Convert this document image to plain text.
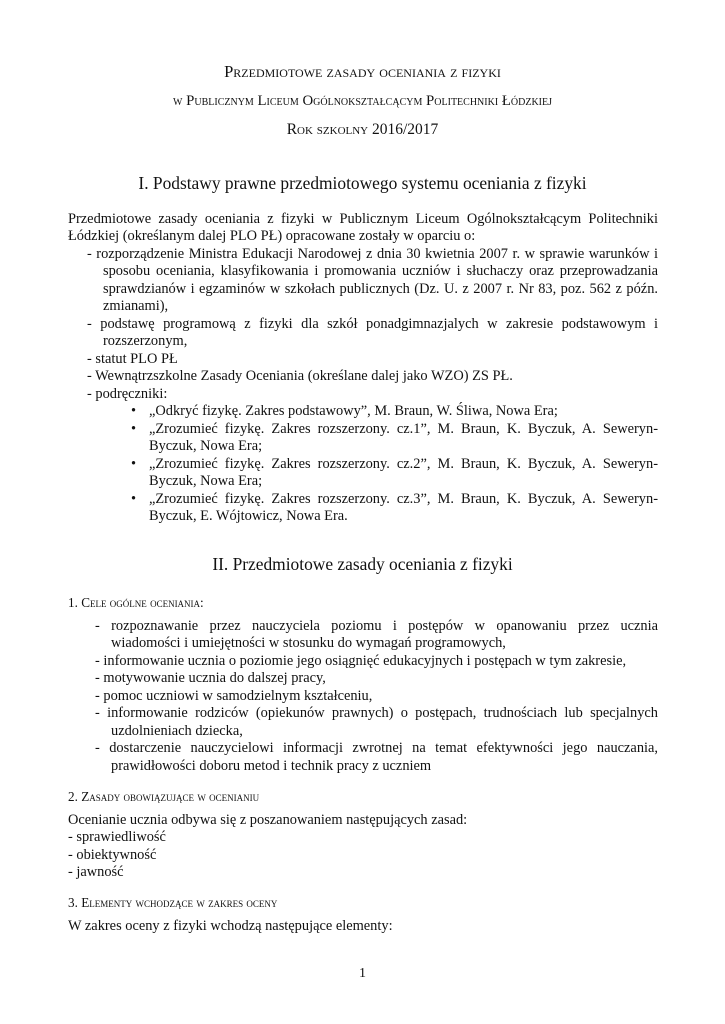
Przedmiotowe zasady oceniania z fizyki
w Publicznym Liceum Ogólnokształcącym Politechniki Łódzkiej
Rok szkolny 2016/2017
I. Podstawy prawne przedmiotowego systemu oceniania z fizyki
Przedmiotowe zasady oceniania z fizyki w Publicznym Liceum Ogólnokształcącym Politechniki
Łódzkiej (określanym dalej PLO PŁ) opracowane zostały w oparciu o:
- rozporządzenie Ministra Edukacji Narodowej z dnia 30 kwietnia 2007 r. w sprawie warunków i
sposobu oceniania, klasyfikowania i promowania uczniów i słuchaczy oraz przeprowadzania
sprawdzianów i egzaminów w szkołach publicznych (Dz. U. z 2007 r. Nr 83, poz. 562 z późn.
zmianami),
- podstawę programową z fizyki dla szkół ponadgimnazjalych w zakresie podstawowym i
rozszerzonym,
- statut PLO PŁ
- Wewnątrzszkolne Zasady Oceniania (określane dalej jako WZO) ZS PŁ.
- podręczniki:
• „Odkryć fizykę. Zakres podstawowy”, M. Braun, W. Śliwa, Nowa Era;
• „Zrozumieć fizykę. Zakres rozszerzony. cz.1”, M. Braun, K. Byczuk, A. Seweryn-
Byczuk, Nowa Era;
• „Zrozumieć fizykę. Zakres rozszerzony. cz.2”, M. Braun, K. Byczuk, A. Seweryn-
Byczuk, Nowa Era;
• „Zrozumieć fizykę. Zakres rozszerzony. cz.3”, M. Braun, K. Byczuk, A. Seweryn-
Byczuk, E. Wójtowicz, Nowa Era.
II. Przedmiotowe zasady oceniania z fizyki
1. Cele ogólne oceniania:
- rozpoznawanie przez nauczyciela poziomu i postępów w opanowaniu przez ucznia
wiadomości i umiejętności w stosunku do wymagań programowych,
- informowanie ucznia o poziomie jego osiągnięć edukacyjnych i postępach w tym zakresie,
- motywowanie ucznia do dalszej pracy,
- pomoc uczniowi w samodzielnym kształceniu,
- informowanie rodziców (opiekunów prawnych) o postępach, trudnościach lub specjalnych
uzdolnieniach dziecka,
- dostarczenie nauczycielowi informacji zwrotnej na temat efektywności jego nauczania,
prawidłowości doboru metod i technik pracy z uczniem
2. Zasady obowiązujące w ocenianiu
Ocenianie ucznia odbywa się z poszanowaniem następujących zasad:
- sprawiedliwość
- obiektywność
- jawność
3. Elementy wchodzące w zakres oceny
W zakres oceny z fizyki wchodzą następujące elementy:
1
